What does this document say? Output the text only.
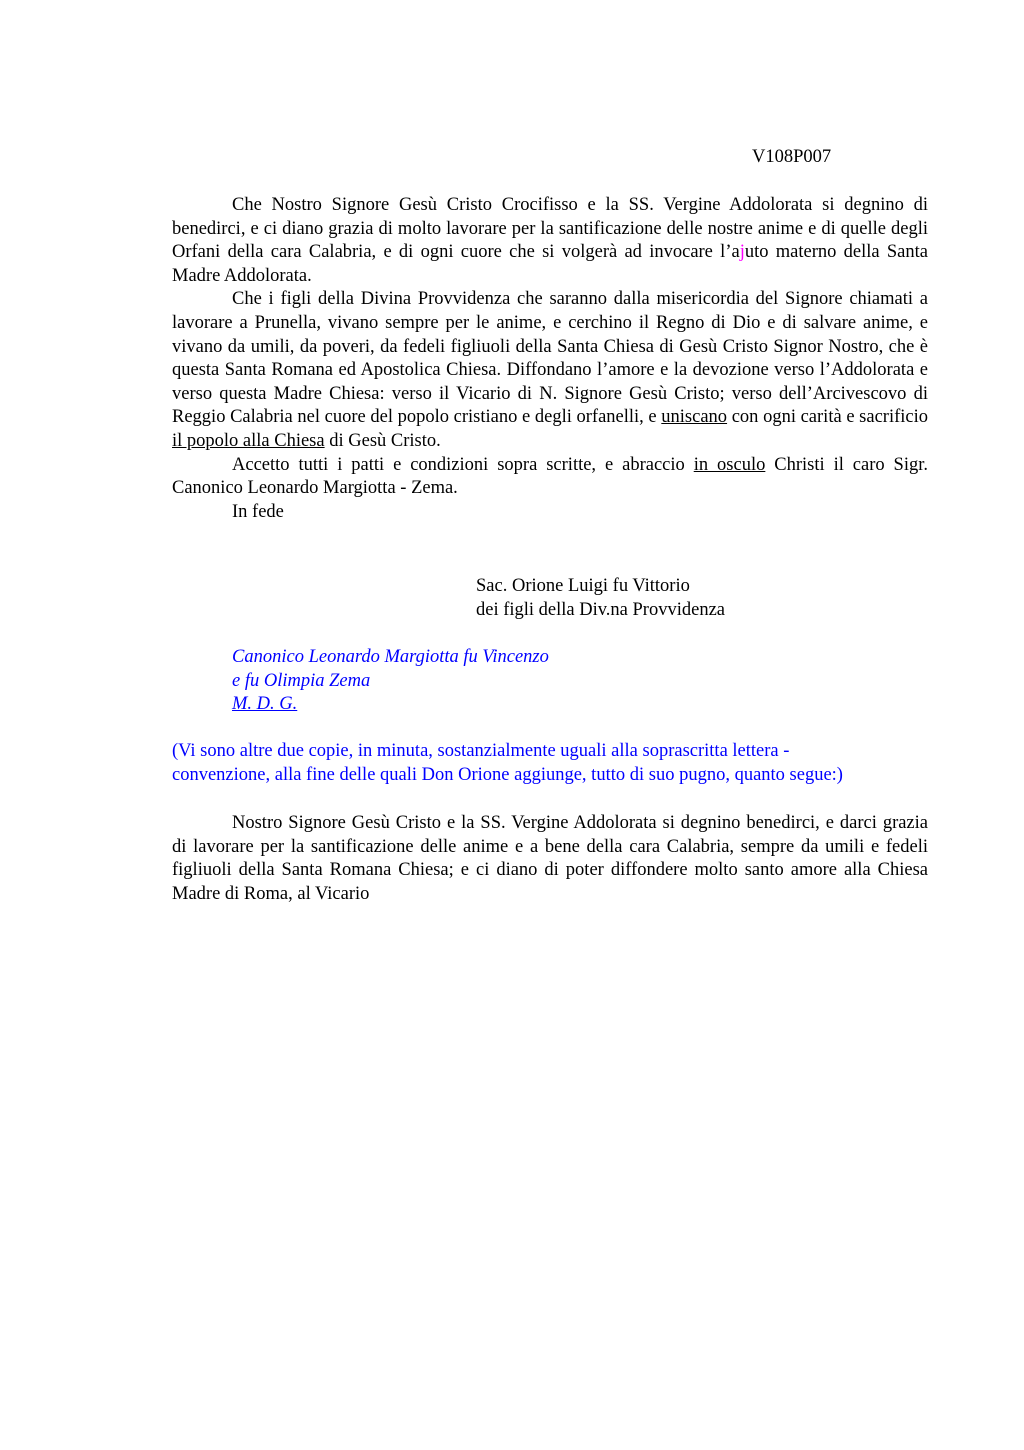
V108P007

Che Nostro Signore Gesù Cristo Crocifisso e la SS. Vergine Addolorata si degnino di benedirci, e ci diano grazia di molto lavorare per la santificazione delle nostre anime e di quelle degli Orfani della cara Calabria, e di ogni cuore che si volgerà ad invocare l’ajuto materno della Santa Madre Addolorata.

Che i figli della Divina Provvidenza che saranno dalla misericordia del Signore chiamati a lavorare a Prunella, vivano sempre per le anime, e cerchino il Regno di Dio e di salvare anime, e vivano da umili, da poveri, da fedeli figliuoli della Santa Chiesa di Gesù Cristo Signor Nostro, che è questa Santa Romana ed Apostolica Chiesa. Diffondano l’amore e la devozione verso l’Addolorata e verso questa Madre Chiesa: verso il Vicario di N. Signore Gesù Cristo; verso dell’Arcivescovo di Reggio Calabria nel cuore del popolo cristiano e degli orfanelli, e uniscano con ogni carità e sacrificio il popolo alla Chiesa di Gesù Cristo.

Accetto tutti i patti e condizioni sopra scritte, e abraccio in osculo Christi il caro Sigr. Canonico Leonardo Margiotta - Zema.

In fede

Sac. Orione Luigi fu Vittorio
dei figli della Div.na Provvidenza
Canonico Leonardo Margiotta fu Vincenzo
e fu Olimpia Zema
M. D. G.
(Vi sono altre due copie, in minuta, sostanzialmente uguali alla soprascritta lettera -
convenzione, alla fine delle quali Don Orione aggiunge, tutto di suo pugno, quanto segue:)

Nostro Signore Gesù Cristo e la SS. Vergine Addolorata si degnino benedirci, e darci grazia di lavorare per la santificazione delle anime e a bene della cara Calabria, sempre da umili e fedeli figliuoli della Santa Romana Chiesa; e ci diano di poter diffondere molto santo amore alla Chiesa Madre di Roma, al Vicario
